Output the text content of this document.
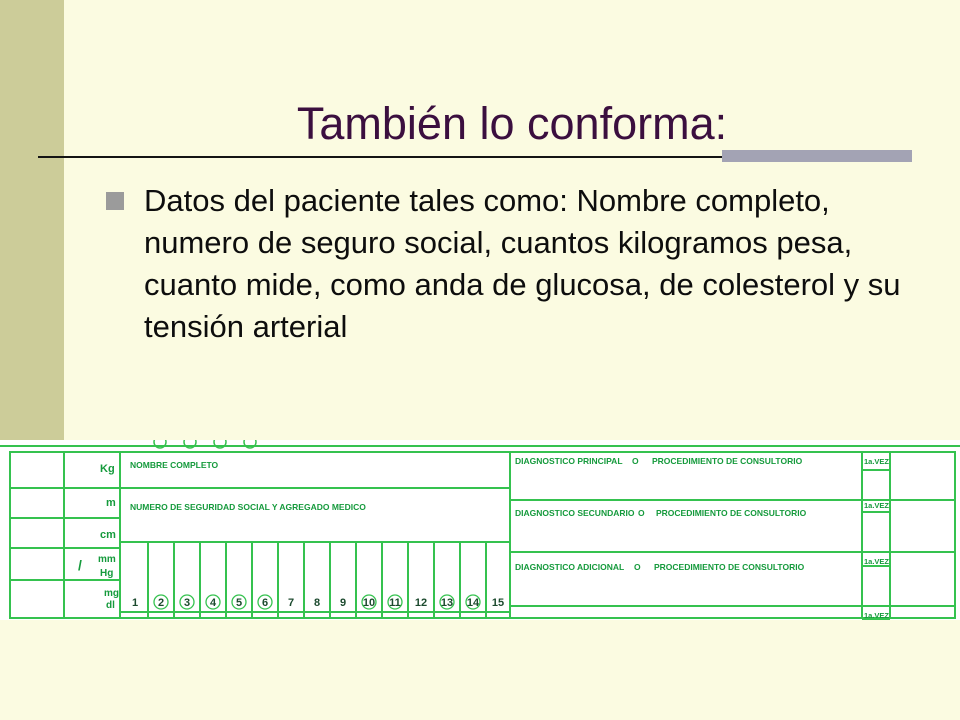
También lo conforma:
Datos del paciente tales como: Nombre completo, numero de seguro social, cuantos kilogramos pesa, cuanto mide, como anda de glucosa, de colesterol y su tensión arterial
Kg
m
cm
mm
Hg
mg
dl
/
NOMBRE COMPLETO
NUMERO DE SEGURIDAD SOCIAL Y AGREGADO MEDICO
1 2 3 4 5 6 7 8 9 10 11 12 13 14 15
DIAGNOSTICO PRINCIPAL O PROCEDIMIENTO DE CONSULTORIO	1a.VEZ
DIAGNOSTICO SECUNDARIO O PROCEDIMIENTO DE CONSULTORIO
1a.VEZ
DIAGNOSTICO ADICIONAL O PROCEDIMIENTO DE CONSULTORIO
1a.VEZ
1a.VEZ
